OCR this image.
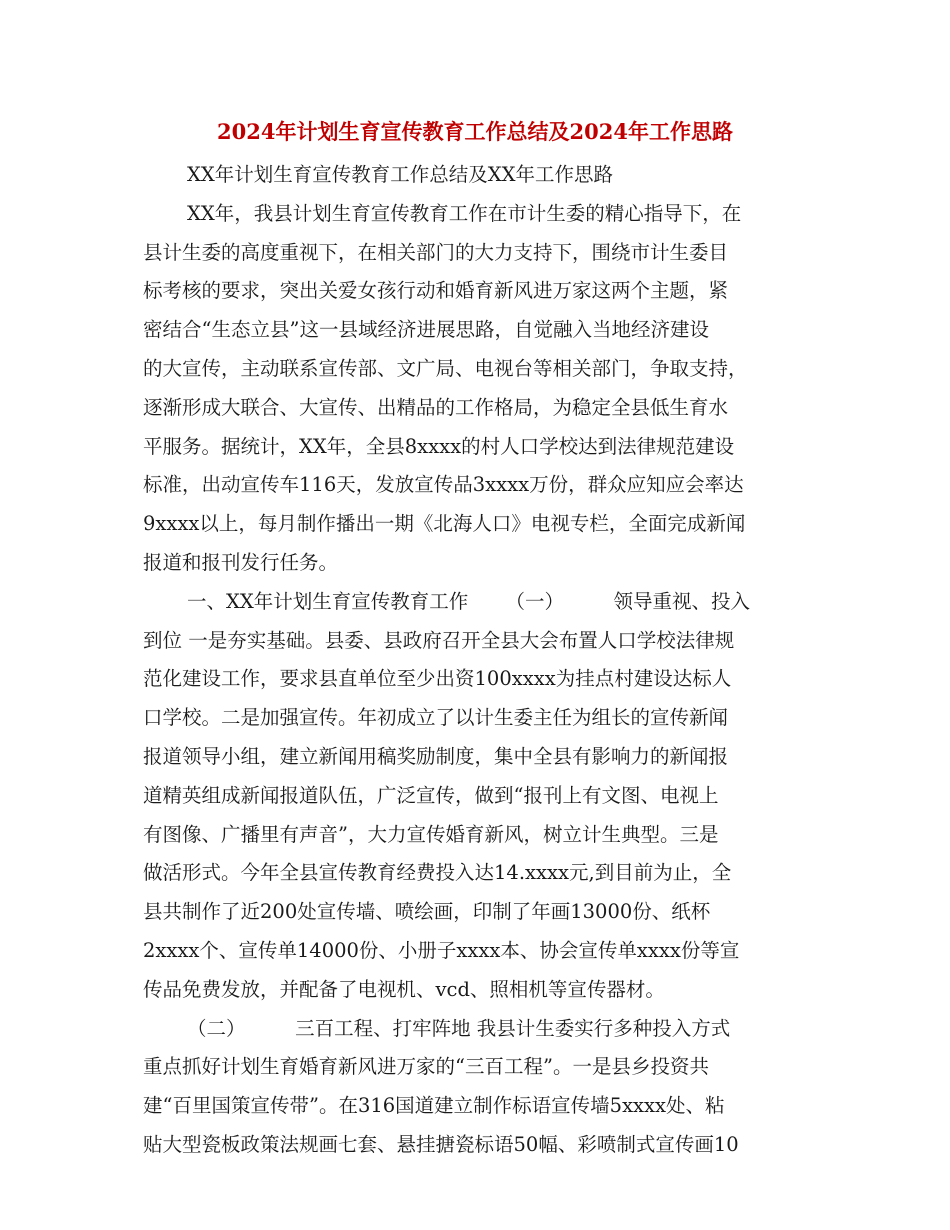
2024年计划生育宣传教育工作总结及2024年工作思路
XX年计划生育宣传教育工作总结及XX年工作思路
XX年，我县计划生育宣传教育工作在市计生委的精心指导下，在
县计生委的高度重视下，在相关部门的大力支持下，围绕市计生委目
标考核的要求，突出关爱女孩行动和婚育新风进万家这两个主题，紧
密结合“生态立县”这一县域经济进展思路，自觉融入当地经济建设
的大宣传，主动联系宣传部、文广局、电视台等相关部门，争取支持，
逐渐形成大联合、大宣传、出精品的工作格局，为稳定全县低生育水
平服务。据统计，XX年，全县8xxxx的村人口学校达到法律规范建设
标准，出动宣传车116天，发放宣传品3xxxx万份，群众应知应会率达
9xxxx以上，每月制作播出一期《北海人口》电视专栏，全面完成新闻
报道和报刊发行任务。
一、XX年计划生育宣传教育工作      （一）        领导重视、投入
到位 一是夯实基础。县委、县政府召开全县大会布置人口学校法律规
范化建设工作，要求县直单位至少出资100xxxx为挂点村建设达标人
口学校。二是加强宣传。年初成立了以计生委主任为组长的宣传新闻
报道领导小组，建立新闻用稿奖励制度，集中全县有影响力的新闻报
道精英组成新闻报道队伍，广泛宣传，做到“报刊上有文图、电视上
有图像、广播里有声音”，大力宣传婚育新风，树立计生典型。三是
做活形式。今年全县宣传教育经费投入达14.xxxx元,到目前为止，全
县共制作了近200处宣传墙、喷绘画，印制了年画13000份、纸杯
2xxxx个、宣传单14000份、小册子xxxx本、协会宣传单xxxx份等宣
传品免费发放，并配备了电视机、vcd、照相机等宣传器材。
（二）        三百工程、打牢阵地 我县计生委实行多种投入方式
重点抓好计划生育婚育新风进万家的“三百工程”。一是县乡投资共
建“百里国策宣传带”。在316国道建立制作标语宣传墙5xxxx处、粘
贴大型瓷板政策法规画七套、悬挂搪瓷标语50幅、彩喷制式宣传画10
